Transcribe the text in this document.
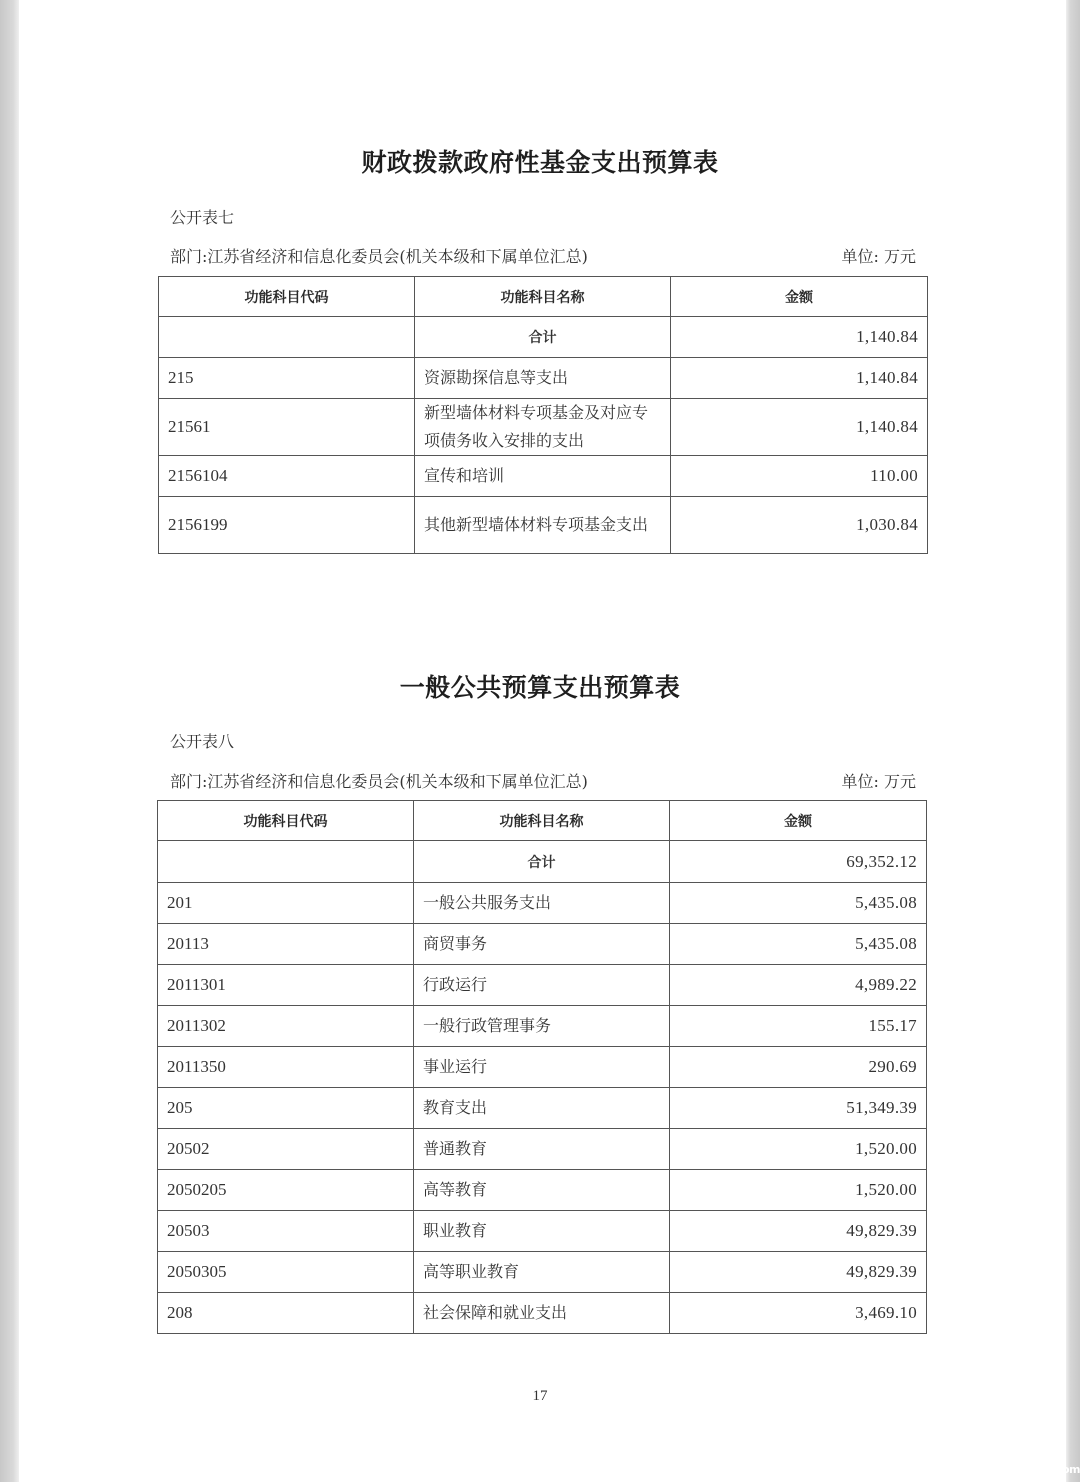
om
财政拨款政府性基金支出预算表
公开表七
部门:江苏省经济和信息化委员会(机关本级和下属单位汇总)	单位: 万元
功能科目代码	功能科目名称	金额
	合计	1,140.84
215	资源勘探信息等支出	1,140.84
21561	新型墙体材料专项基金及对应专项债务收入安排的支出	1,140.84
2156104	宣传和培训	110.00
2156199	其他新型墙体材料专项基金支出	1,030.84
一般公共预算支出预算表
公开表八
部门:江苏省经济和信息化委员会(机关本级和下属单位汇总)	单位: 万元
功能科目代码	功能科目名称	金额
	合计	69,352.12
201	一般公共服务支出	5,435.08
20113	商贸事务	5,435.08
2011301	行政运行	4,989.22
2011302	一般行政管理事务	155.17
2011350	事业运行	290.69
205	教育支出	51,349.39
20502	普通教育	1,520.00
2050205	高等教育	1,520.00
20503	职业教育	49,829.39
2050305	高等职业教育	49,829.39
208	社会保障和就业支出	3,469.10
17
